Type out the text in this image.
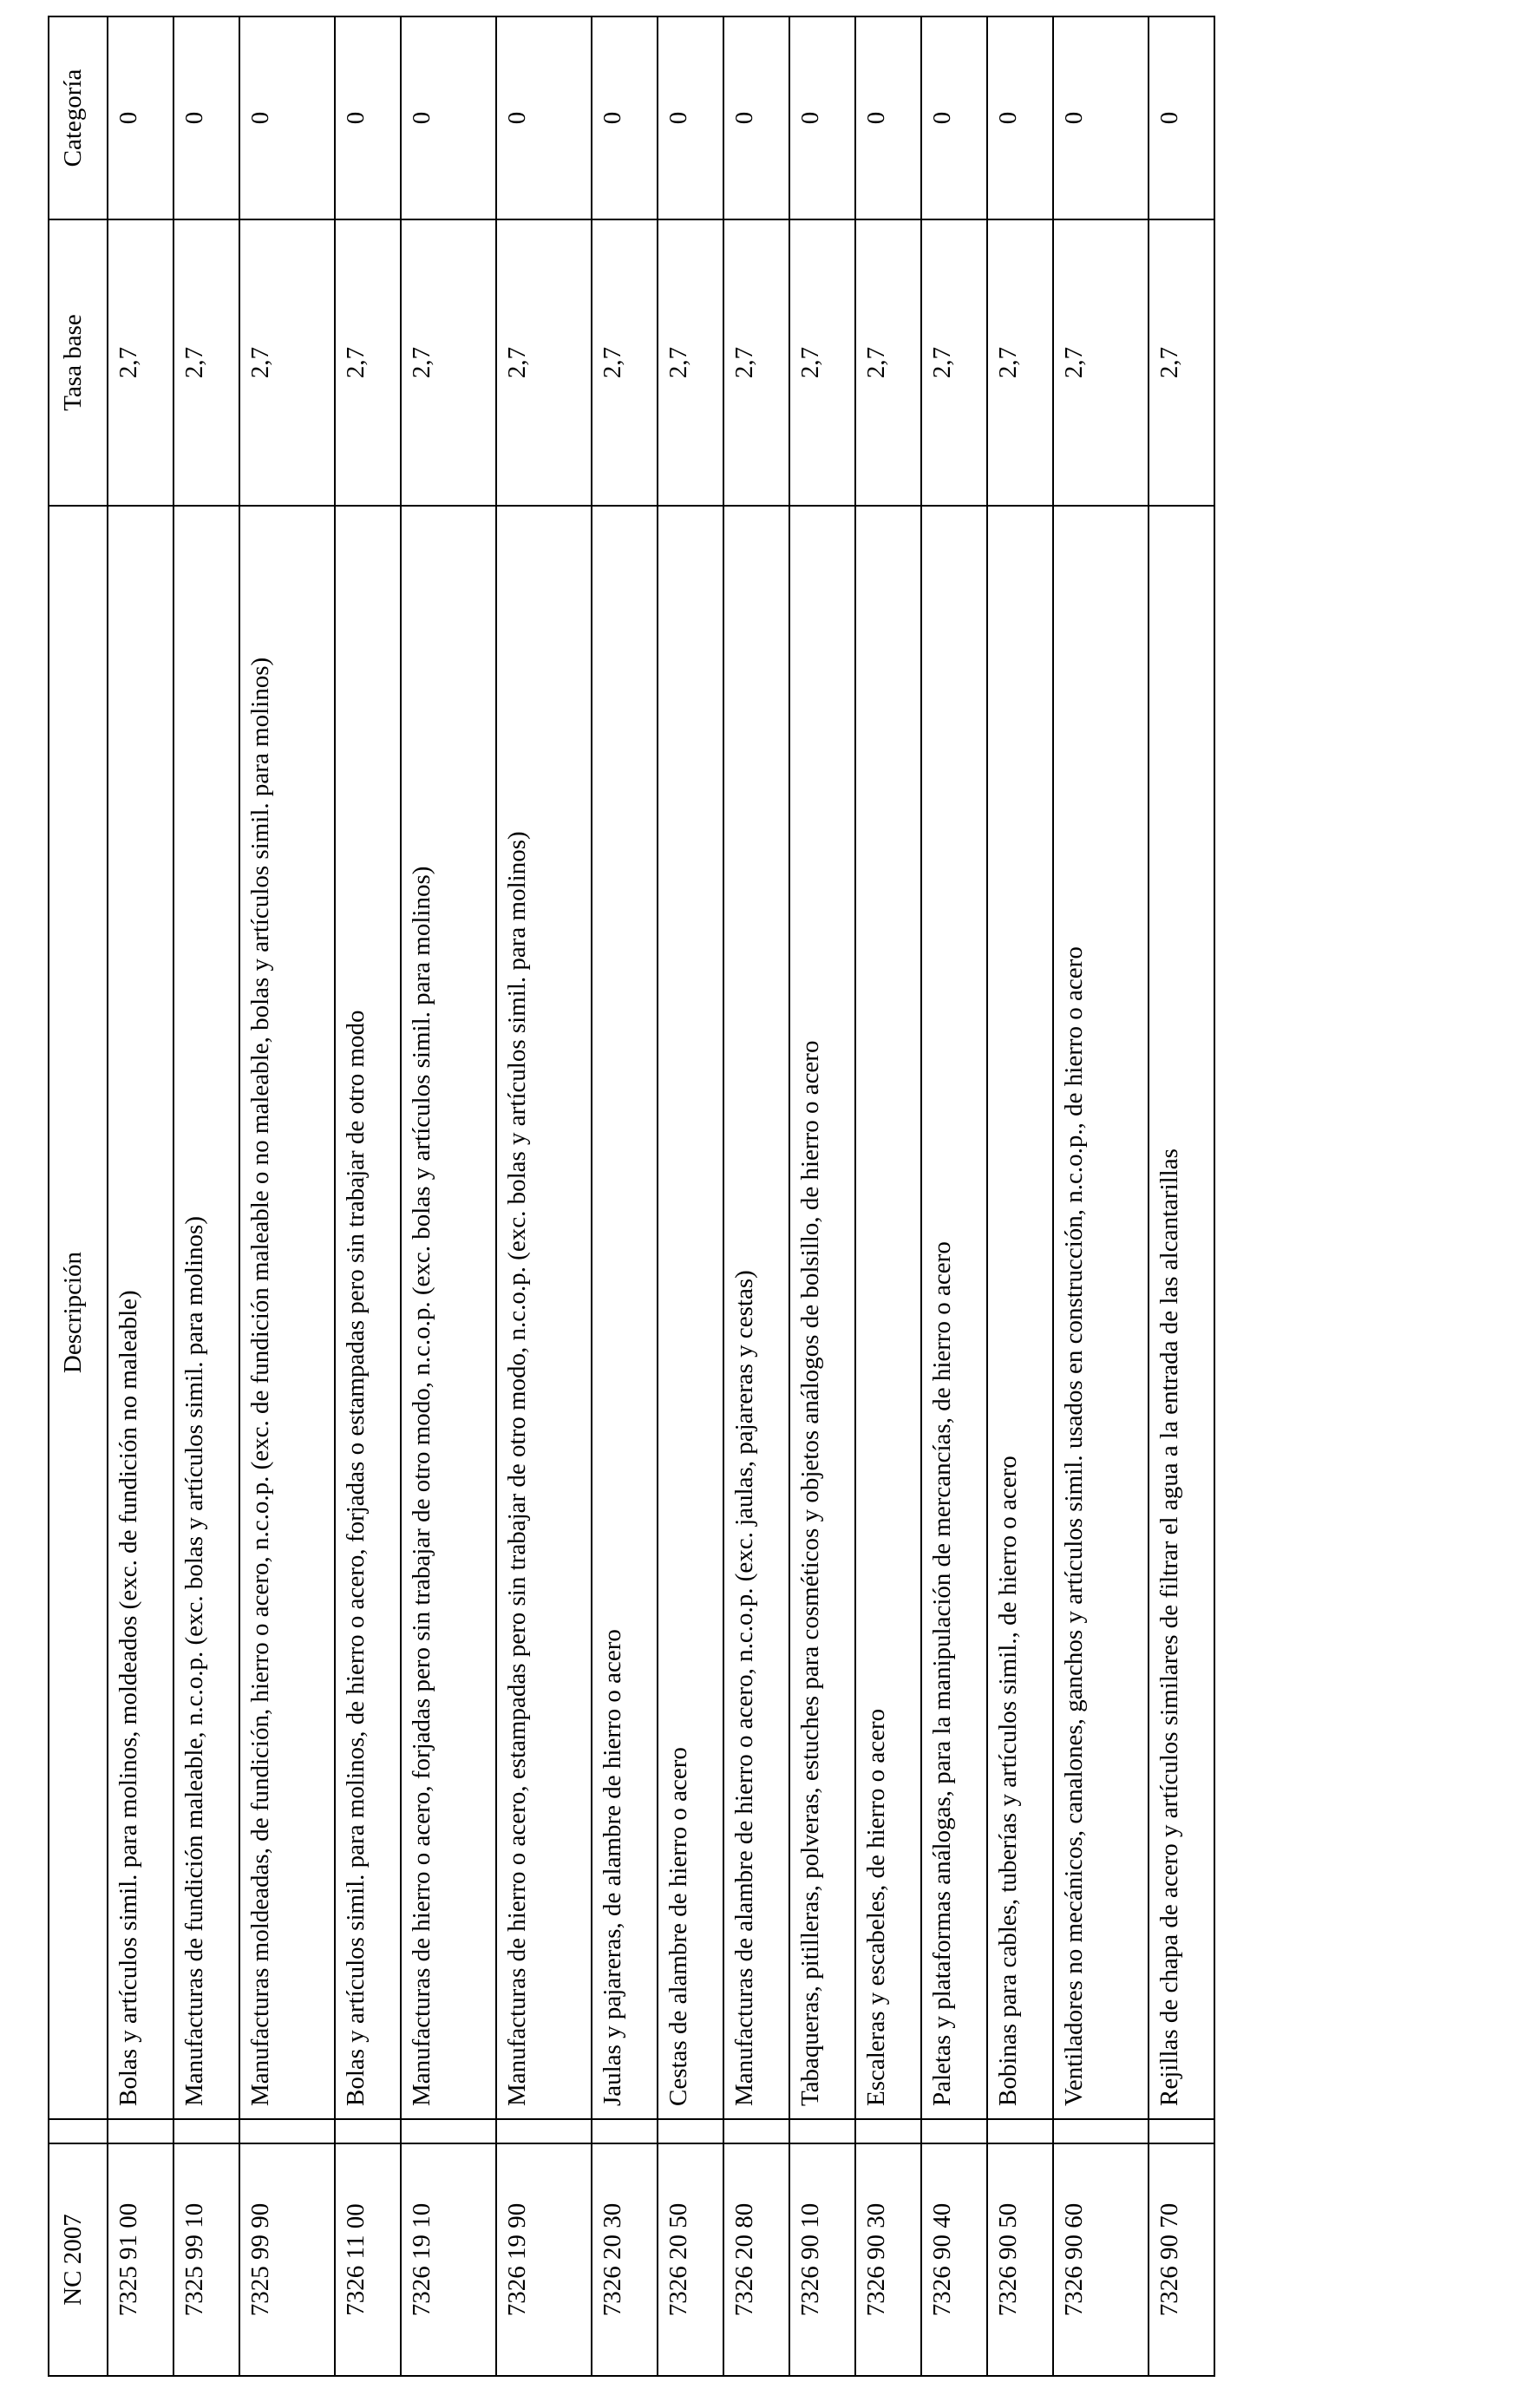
NC 2007		Descripción	Tasa base	Categoría
7325 91 00		Bolas y artículos simil. para molinos, moldeados (exc. de fundición no maleable)	2,7	0
7325 99 10		Manufacturas de fundición maleable, n.c.o.p. (exc. bolas y artículos simil. para molinos)	2,7	0
7325 99 90		Manufacturas moldeadas, de fundición, hierro o acero, n.c.o.p. (exc. de fundición maleable o no maleable, bolas y artículos simil. para molinos)	2,7	0
7326 11 00		Bolas y artículos simil. para molinos, de hierro o acero, forjadas o estampadas pero sin trabajar de otro modo	2,7	0
7326 19 10		Manufacturas de hierro o acero, forjadas pero sin trabajar de otro modo, n.c.o.p. (exc. bolas y artículos simil. para molinos)	2,7	0
7326 19 90		Manufacturas de hierro o acero, estampadas pero sin trabajar de otro modo, n.c.o.p. (exc. bolas y artículos simil. para molinos)	2,7	0
7326 20 30		Jaulas y pajareras, de alambre de hierro o acero	2,7	0
7326 20 50		Cestas de alambre de hierro o acero	2,7	0
7326 20 80		Manufacturas de alambre de hierro o acero, n.c.o.p. (exc. jaulas, pajareras y cestas)	2,7	0
7326 90 10		Tabaqueras, pitilleras, polveras, estuches para cosméticos y objetos análogos de bolsillo, de hierro o acero	2,7	0
7326 90 30		Escaleras y escabeles, de hierro o acero	2,7	0
7326 90 40		Paletas y plataformas análogas, para la manipulación de mercancías, de hierro o acero	2,7	0
7326 90 50		Bobinas para cables, tuberías y artículos simil., de hierro o acero	2,7	0
7326 90 60		Ventiladores no mecánicos, canalones, ganchos y artículos simil. usados en construcción, n.c.o.p., de hierro o acero	2,7	0
7326 90 70		Rejillas de chapa de acero y artículos similares de filtrar el agua a la entrada de las alcantarillas	2,7	0
